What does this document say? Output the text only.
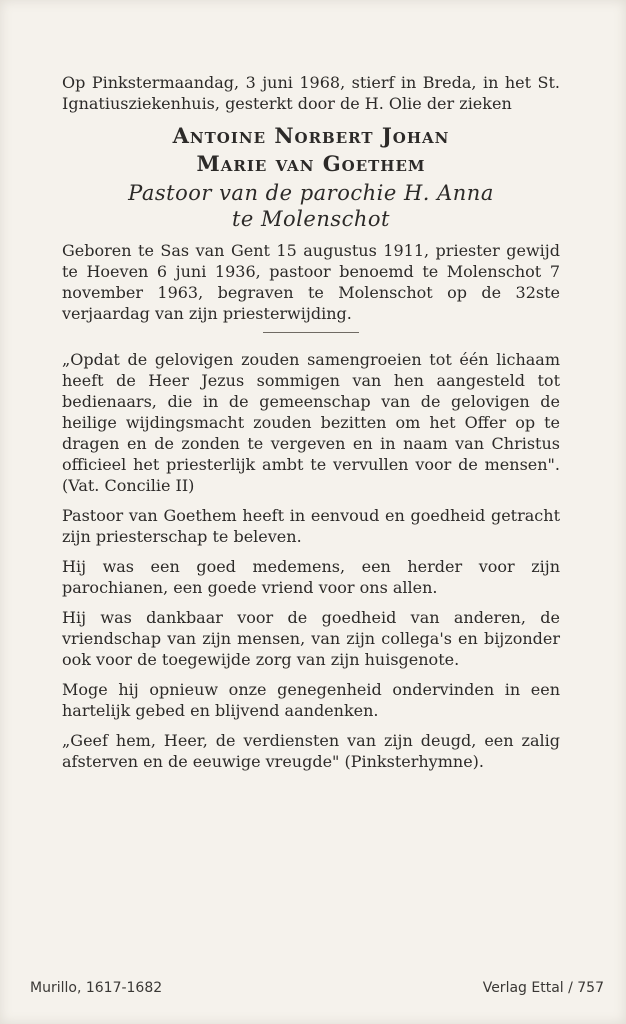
Op Pinkstermaandag, 3 juni 1968, stierf in Breda, in het St. Ignatiusziekenhuis, gesterkt door de H. Olie der zieken

Antoine Norbert Johan
Marie van Goethem
Pastoor van de parochie H. Anna
te Molenschot

Geboren te Sas van Gent 15 augustus 1911, priester gewijd te Hoeven 6 juni 1936, pastoor benoemd te Molenschot 7 november 1963, begraven te Molenschot op de 32ste verjaardag van zijn priesterwijding.

„Opdat de gelovigen zouden samengroeien tot één lichaam heeft de Heer Jezus sommigen van hen aangesteld tot bedienaars, die in de gemeenschap van de gelovigen de heilige wijdingsmacht zouden bezitten om het Offer op te dragen en de zonden te vergeven en in naam van Christus officieel het priesterlijk ambt te vervullen voor de mensen". (Vat. Concilie II)

Pastoor van Goethem heeft in eenvoud en goedheid getracht zijn priesterschap te beleven.

Hij was een goed medemens, een herder voor zijn parochianen, een goede vriend voor ons allen.

Hij was dankbaar voor de goedheid van anderen, de vriendschap van zijn mensen, van zijn collega's en bijzonder ook voor de toegewijde zorg van zijn huisgenote.

Moge hij opnieuw onze genegenheid ondervinden in een hartelijk gebed en blijvend aandenken.

„Geef hem, Heer, de verdiensten van zijn deugd, een zalig afsterven en de eeuwige vreugde" (Pinksterhymne).

Murillo, 1617-1682	Verlag Ettal / 757
